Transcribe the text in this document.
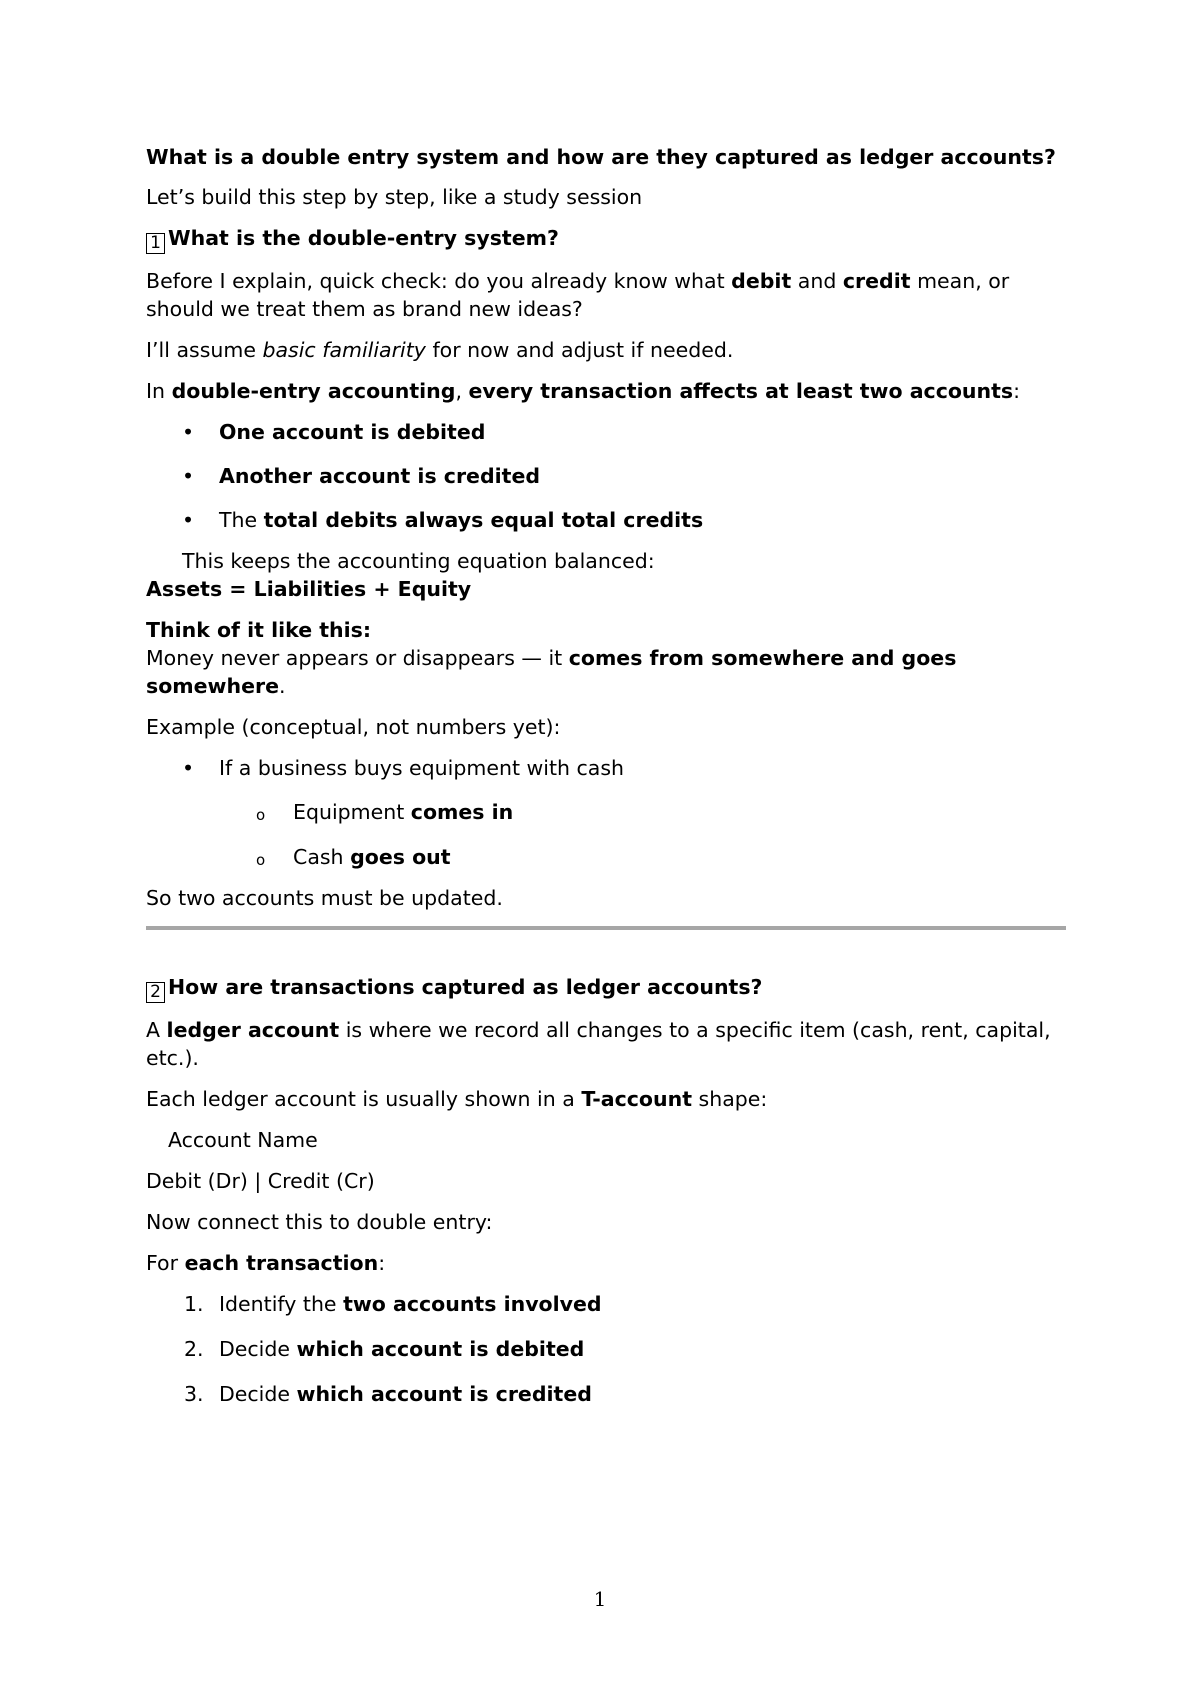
What is a double entry system and how are they captured as ledger accounts?

Let’s build this step by step, like a study session

1 What is the double-entry system?

Before I explain, quick check: do you already know what debit and credit mean, or should we treat them as brand new ideas?

I’ll assume basic familiarity for now and adjust if needed.

In double-entry accounting, every transaction affects at least two accounts:

• One account is debited
• Another account is credited
• The total debits always equal total credits

This keeps the accounting equation balanced:

Assets = Liabilities + Equity

Think of it like this:

Money never appears or disappears — it comes from somewhere and goes somewhere.

Example (conceptual, not numbers yet):

• If a business buys equipment with cash
o Equipment comes in
o Cash goes out

So two accounts must be updated.

2 How are transactions captured as ledger accounts?

A ledger account is where we record all changes to a specific item (cash, rent, capital, etc.).

Each ledger account is usually shown in a T-account shape:

Account Name

Debit (Dr) | Credit (Cr)

Now connect this to double entry:

For each transaction:

1. Identify the two accounts involved
2. Decide which account is debited
3. Decide which account is credited
1
